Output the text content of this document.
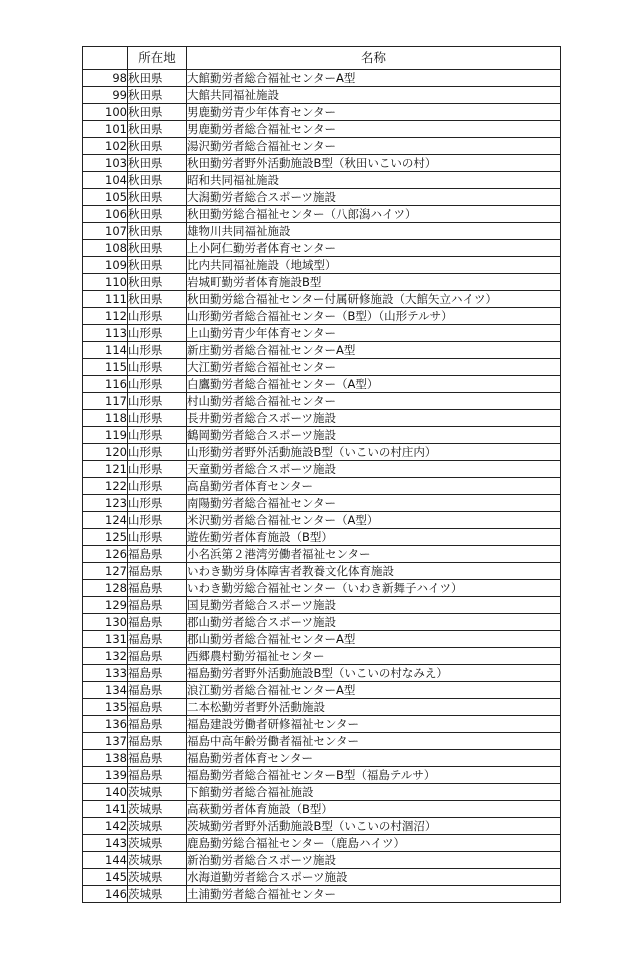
	所在地	名称
98	秋田県	大館勤労者総合福祉センターA型
99	秋田県	大館共同福祉施設
100	秋田県	男鹿勤労青少年体育センター
101	秋田県	男鹿勤労者総合福祉センター
102	秋田県	湯沢勤労者総合福祉センター
103	秋田県	秋田勤労者野外活動施設B型（秋田いこいの村）
104	秋田県	昭和共同福祉施設
105	秋田県	大潟勤労者総合スポーツ施設
106	秋田県	秋田勤労総合福祉センター（八郎潟ハイツ）
107	秋田県	雄物川共同福祉施設
108	秋田県	上小阿仁勤労者体育センター
109	秋田県	比内共同福祉施設（地域型）
110	秋田県	岩城町勤労者体育施設B型
111	秋田県	秋田勤労総合福祉センター付属研修施設（大館矢立ハイツ）
112	山形県	山形勤労者総合福祉センター（B型）（山形テルサ）
113	山形県	上山勤労青少年体育センター
114	山形県	新庄勤労者総合福祉センターA型
115	山形県	大江勤労者総合福祉センター
116	山形県	白鷹勤労者総合福祉センター（A型）
117	山形県	村山勤労者総合福祉センター
118	山形県	長井勤労者総合スポーツ施設
119	山形県	鶴岡勤労者総合スポーツ施設
120	山形県	山形勤労者野外活動施設B型（いこいの村庄内）
121	山形県	天童勤労者総合スポーツ施設
122	山形県	高畠勤労者体育センター
123	山形県	南陽勤労者総合福祉センター
124	山形県	米沢勤労者総合福祉センター（A型）
125	山形県	遊佐勤労者体育施設（B型）
126	福島県	小名浜第２港湾労働者福祉センター
127	福島県	いわき勤労身体障害者教養文化体育施設
128	福島県	いわき勤労総合福祉センター（いわき新舞子ハイツ）
129	福島県	国見勤労者総合スポーツ施設
130	福島県	郡山勤労者総合スポーツ施設
131	福島県	郡山勤労者総合福祉センターA型
132	福島県	西郷農村勤労福祉センター
133	福島県	福島勤労者野外活動施設B型（いこいの村なみえ）
134	福島県	浪江勤労者総合福祉センターA型
135	福島県	二本松勤労者野外活動施設
136	福島県	福島建設労働者研修福祉センター
137	福島県	福島中高年齢労働者福祉センター
138	福島県	福島勤労者体育センター
139	福島県	福島勤労者総合福祉センターB型（福島テルサ）
140	茨城県	下館勤労者総合福祉施設
141	茨城県	高萩勤労者体育施設（B型）
142	茨城県	茨城勤労者野外活動施設B型（いこいの村涸沼）
143	茨城県	鹿島勤労総合福祉センター（鹿島ハイツ）
144	茨城県	新治勤労者総合スポーツ施設
145	茨城県	水海道勤労者総合スポーツ施設
146	茨城県	土浦勤労者総合福祉センター
